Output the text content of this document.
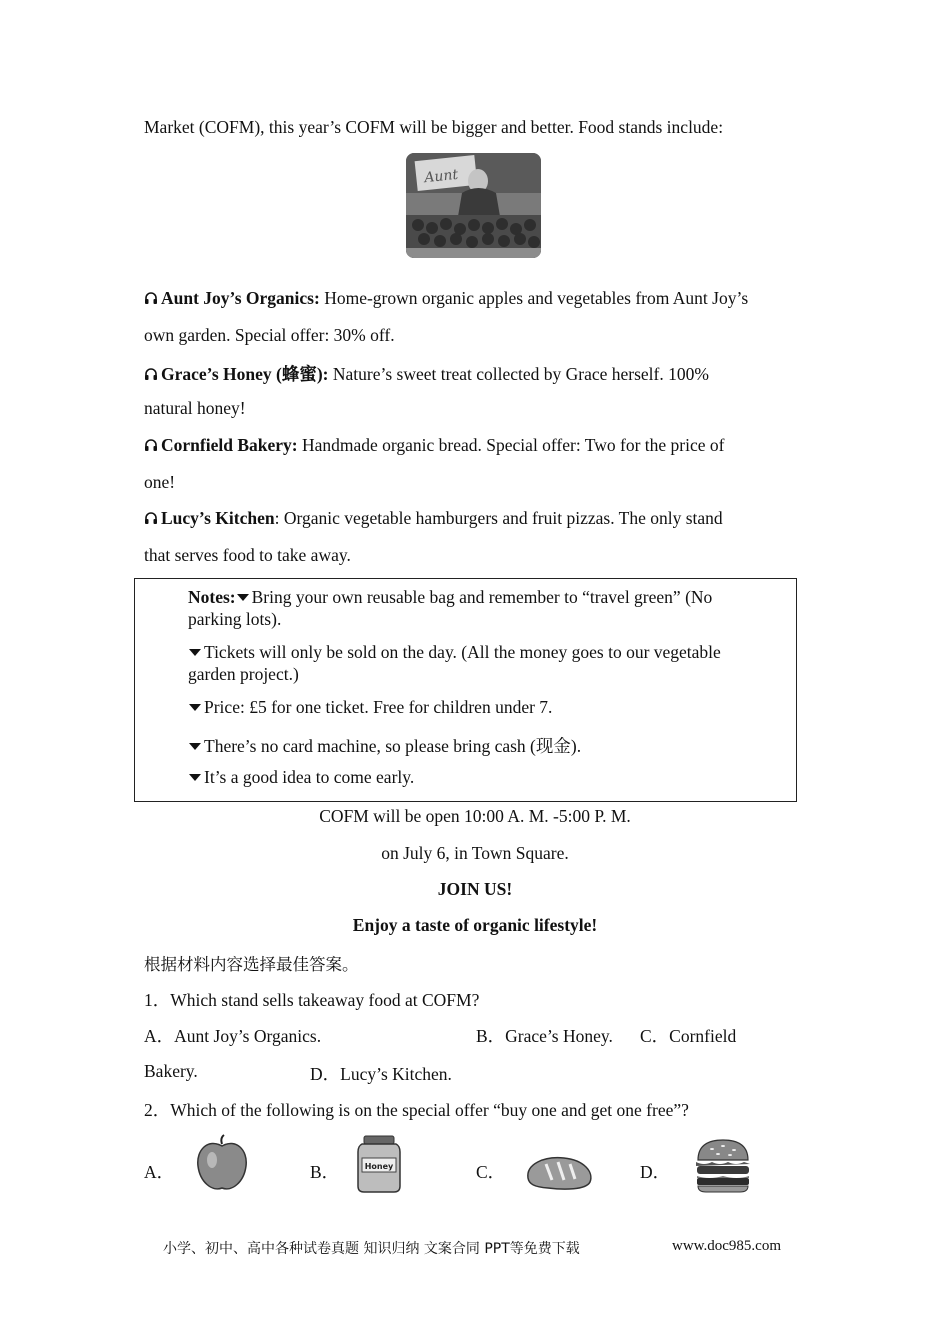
Market (COFM), this year’s COFM will be bigger and better. Food stands include:
Aunt
Aunt Joy’s Organics: Home-grown organic apples and vegetables from Aunt Joy’s
own garden. Special offer: 30% off.
Grace’s Honey (蜂蜜): Nature’s sweet treat collected by Grace herself. 100%
natural honey!
Cornfield Bakery: Handmade organic bread. Special offer: Two for the price of
one!
Lucy’s Kitchen: Organic vegetable hamburgers and fruit pizzas. The only stand
that serves food to take away.
Notes: Bring your own reusable bag and remember to “travel green” (No
parking lots).
Tickets will only be sold on the day. (All the money goes to our vegetable
garden project.)
Price: £5 for one ticket. Free for children under 7.
There’s no card machine, so please bring cash (现金).
It’s a good idea to come early.
COFM will be open 10:00 A. M. -5:00 P. M.
on July 6, in Town Square.
JOIN US!
Enjoy a taste of organic lifestyle!
根据材料内容选择最佳答案。
1．Which stand sells takeaway food at COFM?
A．Aunt Joy’s Organics.	B．Grace’s Honey. C．Cornfield
Bakery.	D．Lucy’s Kitchen.
2．Which of the following is on the special offer “buy one and get one free”?
A．	B．	Honey	C．	D．
小学、初中、高中各种试卷真题 知识归纳 文案合同 PPT等免费下载	www.doc985.com
